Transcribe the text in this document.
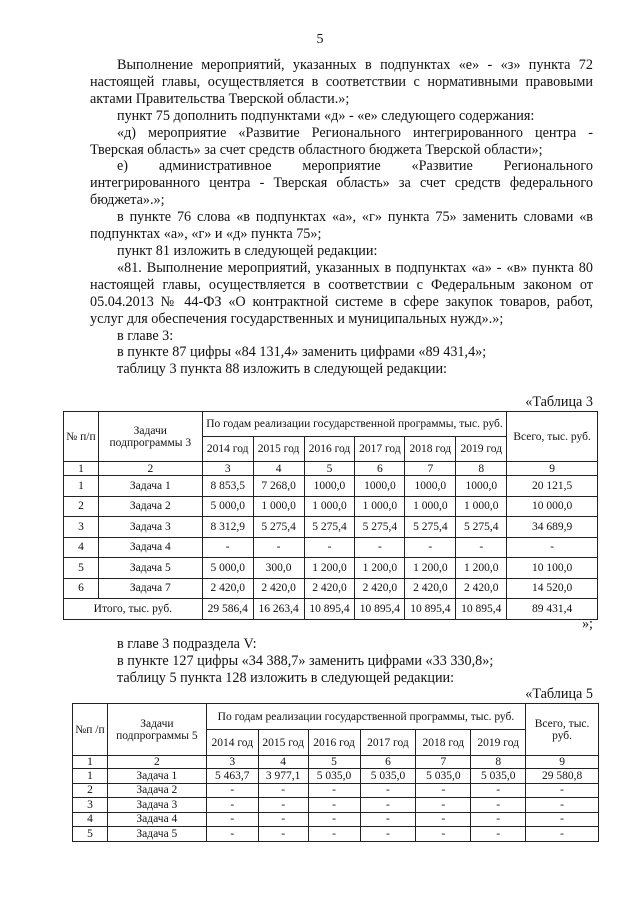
5

Выполнение мероприятий, указанных в подпунктах «е» - «з» пункта 72 настоящей главы, осуществляется в соответствии с нормативными правовыми актами Правительства Тверской области.»;

пункт 75 дополнить подпунктами «д» - «е» следующего содержания:

«д) мероприятие «Развитие Регионального интегрированного центра - Тверская область» за счет средств областного бюджета Тверской области»;

е) административное мероприятие «Развитие Регионального интегрированного центра - Тверская область» за счет средств федерального бюджета».»;

в пункте 76 слова «в подпунктах «а», «г» пункта 75» заменить словами «в подпунктах «а», «г» и «д» пункта 75»;

пункт 81 изложить в следующей редакции:

«81. Выполнение мероприятий, указанных в подпунктах «а» - «в» пункта 80 настоящей главы, осуществляется в соответствии с Федеральным законом от 05.04.2013 № 44-ФЗ «О контрактной системе в сфере закупок товаров, работ, услуг для обеспечения государственных и муниципальных нужд».»;

в главе 3:

в пункте 87 цифры «84 131,4» заменить цифрами «89 431,4»;

таблицу 3 пункта 88 изложить в следующей редакции:

«Таблица 3
№ п/п	Задачи подпрограммы 3	По годам реализации государственной программы, тыс. руб.						Всего, тыс. руб.
		2014 год	2015 год	2016 год	2017 год	2018 год	2019 год	
1	2	3	4	5	6	7	8	9
1	Задача 1	8 853,5	7 268,0	1000,0	1000,0	1000,0	1000,0	20 121,5
2	Задача 2	5 000,0	1 000,0	1 000,0	1 000,0	1 000,0	1 000,0	10 000,0
3	Задача 3	8 312,9	5 275,4	5 275,4	5 275,4	5 275,4	5 275,4	34 689,9
4	Задача 4	-	-	-	-	-	-	-
5	Задача 5	5 000,0	300,0	1 200,0	1 200,0	1 200,0	1 200,0	10 100,0
6	Задача 7	2 420,0	2 420,0	2 420,0	2 420,0	2 420,0	2 420,0	14 520,0
Итого, тыс. руб.		29 586,4	16 263,4	10 895,4	10 895,4	10 895,4	10 895,4	89 431,4
»;

в главе 3 подраздела V:

в пункте 127 цифры «34 388,7» заменить цифрами «33 330,8»;

таблицу 5 пункта 128 изложить в следующей редакции:

«Таблица 5
№п /п	Задачи подпрограммы 5	По годам реализации государственной программы, тыс. руб.						Всего, тыс. руб.
		2014 год	2015 год	2016 год	2017 год	2018 год	2019 год	
1	2	3	4	5	6	7	8	9
1	Задача 1	5 463,7	3 977,1	5 035,0	5 035,0	5 035,0	5 035,0	29 580,8
2	Задача 2	-	-	-	-	-	-	-
3	Задача 3	-	-	-	-	-	-	-
4	Задача 4	-	-	-	-	-	-	-
5	Задача 5	-	-	-	-	-	-	-
